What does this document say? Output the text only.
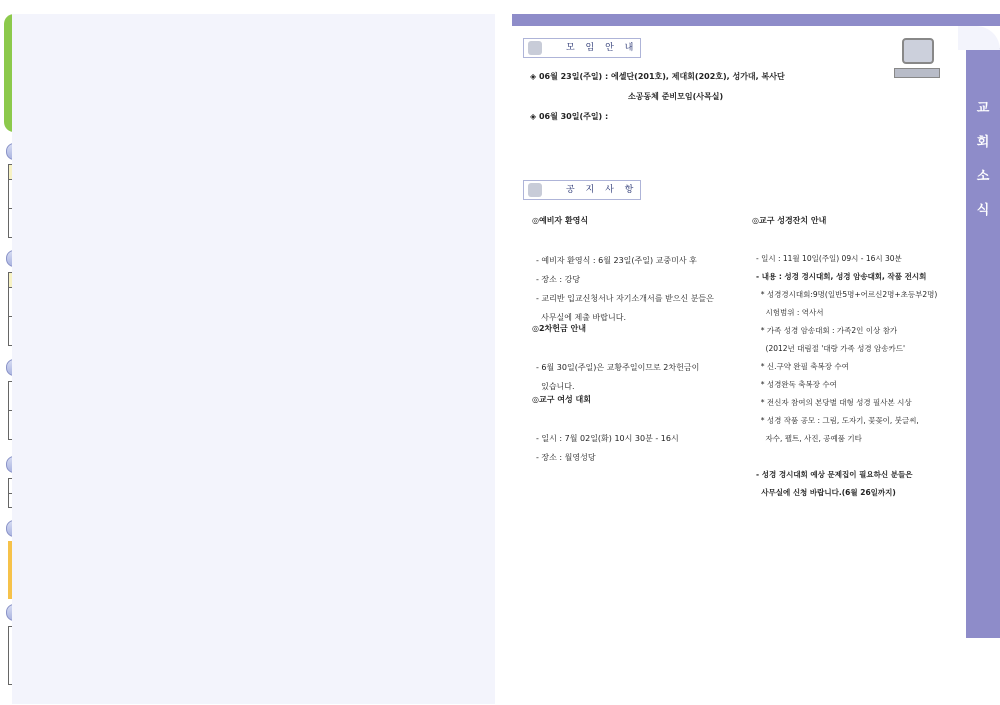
교
회
소
식
모 임 안 내
◈ 06월 23일(주일) : 에셀단(201호), 제대회(202호), 성가대, 복사단
소공동체 준비모임(사목실)
◈ 06월 30일(주일) :
공 지 사 항
◎예비자 환영식

- 예비자 환영식 : 6월 23일(주일) 교중미사 후
- 장소 : 강당
- 교리반 입교신청서나 자기소개서를 받으신 분들은
사무실에 제출 바랍니다.

◎2차헌금 안내

- 6월 30일(주일)은 교황주일이므로 2차헌금이
있습니다.

◎교구 여성 대회

- 일시 : 7월 02일(화) 10시 30분 - 16시
- 장소 : 월영성당

◎교구 성경잔치 안내

- 일시 : 11월 10일(주일) 09시 - 16시 30분
- 내용 : 성경 경시대회, 성경 암송대회, 작품 전시회
* 성경경시대회:9명(일반5명+어르신2명+초등부2명)
시험범위 : 역사서
* 가족 성경 암송대회 : 가족2인 이상 참가
(2012년 대림절 '대랑 가족 성경 암송카드'
* 신.구약 완필 축복장 수여
* 성경완독 축복장 수여
* 전신자 참여의 본당별 대형 성경 필사본 시상
* 성경 작품 공모 : 그림, 도자기, 꽃꽂이, 붓글씨,
자수, 펠트, 사진, 공예품 기타

- 성경 경시대회 예상 문제집이 필요하신 분들은
사무실에 신청 바랍니다.(6월 26일까지)
